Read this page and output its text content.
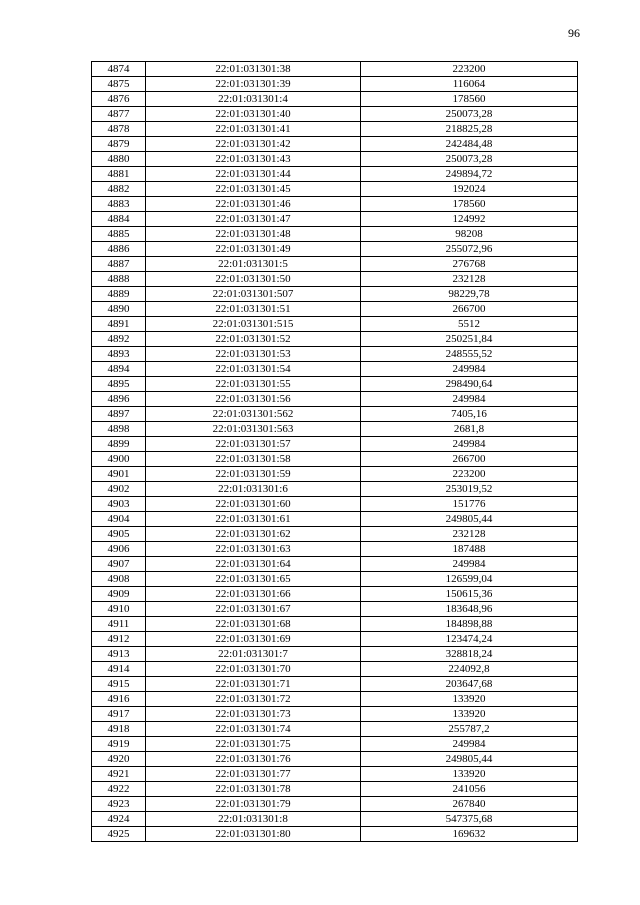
96
4874	22:01:031301:38	223200
4875	22:01:031301:39	116064
4876	22:01:031301:4	178560
4877	22:01:031301:40	250073,28
4878	22:01:031301:41	218825,28
4879	22:01:031301:42	242484,48
4880	22:01:031301:43	250073,28
4881	22:01:031301:44	249894,72
4882	22:01:031301:45	192024
4883	22:01:031301:46	178560
4884	22:01:031301:47	124992
4885	22:01:031301:48	98208
4886	22:01:031301:49	255072,96
4887	22:01:031301:5	276768
4888	22:01:031301:50	232128
4889	22:01:031301:507	98229,78
4890	22:01:031301:51	266700
4891	22:01:031301:515	5512
4892	22:01:031301:52	250251,84
4893	22:01:031301:53	248555,52
4894	22:01:031301:54	249984
4895	22:01:031301:55	298490,64
4896	22:01:031301:56	249984
4897	22:01:031301:562	7405,16
4898	22:01:031301:563	2681,8
4899	22:01:031301:57	249984
4900	22:01:031301:58	266700
4901	22:01:031301:59	223200
4902	22:01:031301:6	253019,52
4903	22:01:031301:60	151776
4904	22:01:031301:61	249805,44
4905	22:01:031301:62	232128
4906	22:01:031301:63	187488
4907	22:01:031301:64	249984
4908	22:01:031301:65	126599,04
4909	22:01:031301:66	150615,36
4910	22:01:031301:67	183648,96
4911	22:01:031301:68	184898,88
4912	22:01:031301:69	123474,24
4913	22:01:031301:7	328818,24
4914	22:01:031301:70	224092,8
4915	22:01:031301:71	203647,68
4916	22:01:031301:72	133920
4917	22:01:031301:73	133920
4918	22:01:031301:74	255787,2
4919	22:01:031301:75	249984
4920	22:01:031301:76	249805,44
4921	22:01:031301:77	133920
4922	22:01:031301:78	241056
4923	22:01:031301:79	267840
4924	22:01:031301:8	547375,68
4925	22:01:031301:80	169632
